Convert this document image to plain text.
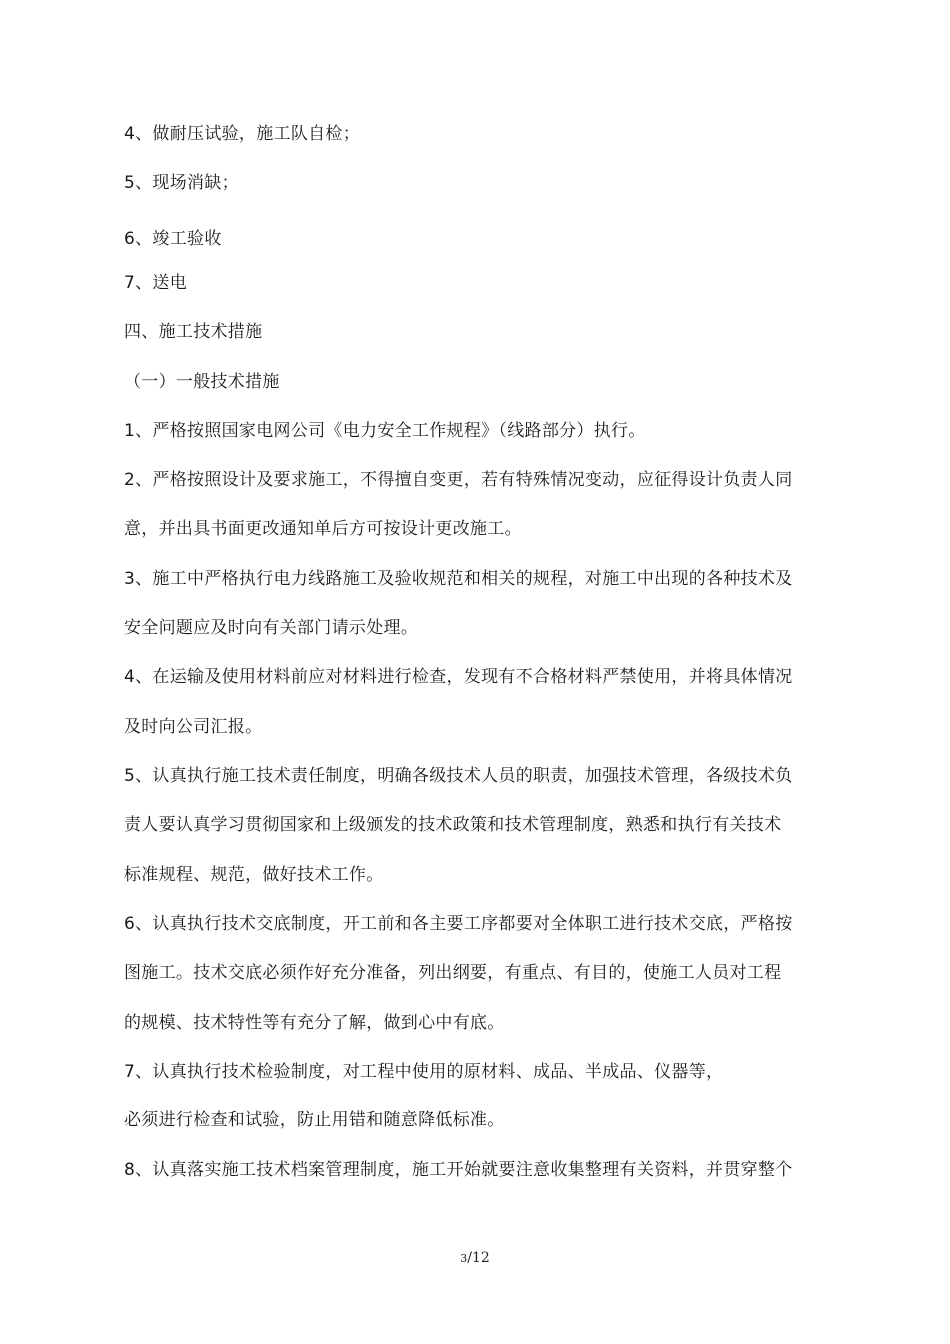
4、做耐压试验，施工队自检；
5、现场消缺；
6、竣工验收
7、送电
四、施工技术措施
（一）一般技术措施
1、严格按照国家电网公司《电力安全工作规程》（线路部分）执行。
2、严格按照设计及要求施工，不得擅自变更，若有特殊情况变动，应征得设计负责人同
意，并出具书面更改通知单后方可按设计更改施工。
3、施工中严格执行电力线路施工及验收规范和相关的规程，对施工中出现的各种技术及
安全问题应及时向有关部门请示处理。
4、在运输及使用材料前应对材料进行检查，发现有不合格材料严禁使用，并将具体情况
及时向公司汇报。
5、认真执行施工技术责任制度，明确各级技术人员的职责，加强技术管理，各级技术负
责人要认真学习贯彻国家和上级颁发的技术政策和技术管理制度，熟悉和执行有关技术
标准规程、规范，做好技术工作。
6、认真执行技术交底制度，开工前和各主要工序都要对全体职工进行技术交底，严格按
图施工。技术交底必须作好充分准备，列出纲要，有重点、有目的，使施工人员对工程
的规模、技术特性等有充分了解，做到心中有底。
7、认真执行技术检验制度，对工程中使用的原材料、成品、半成品、仪器等，
必须进行检查和试验，防止用错和随意降低标准。
8、认真落实施工技术档案管理制度，施工开始就要注意收集整理有关资料，并贯穿整个
3/12
